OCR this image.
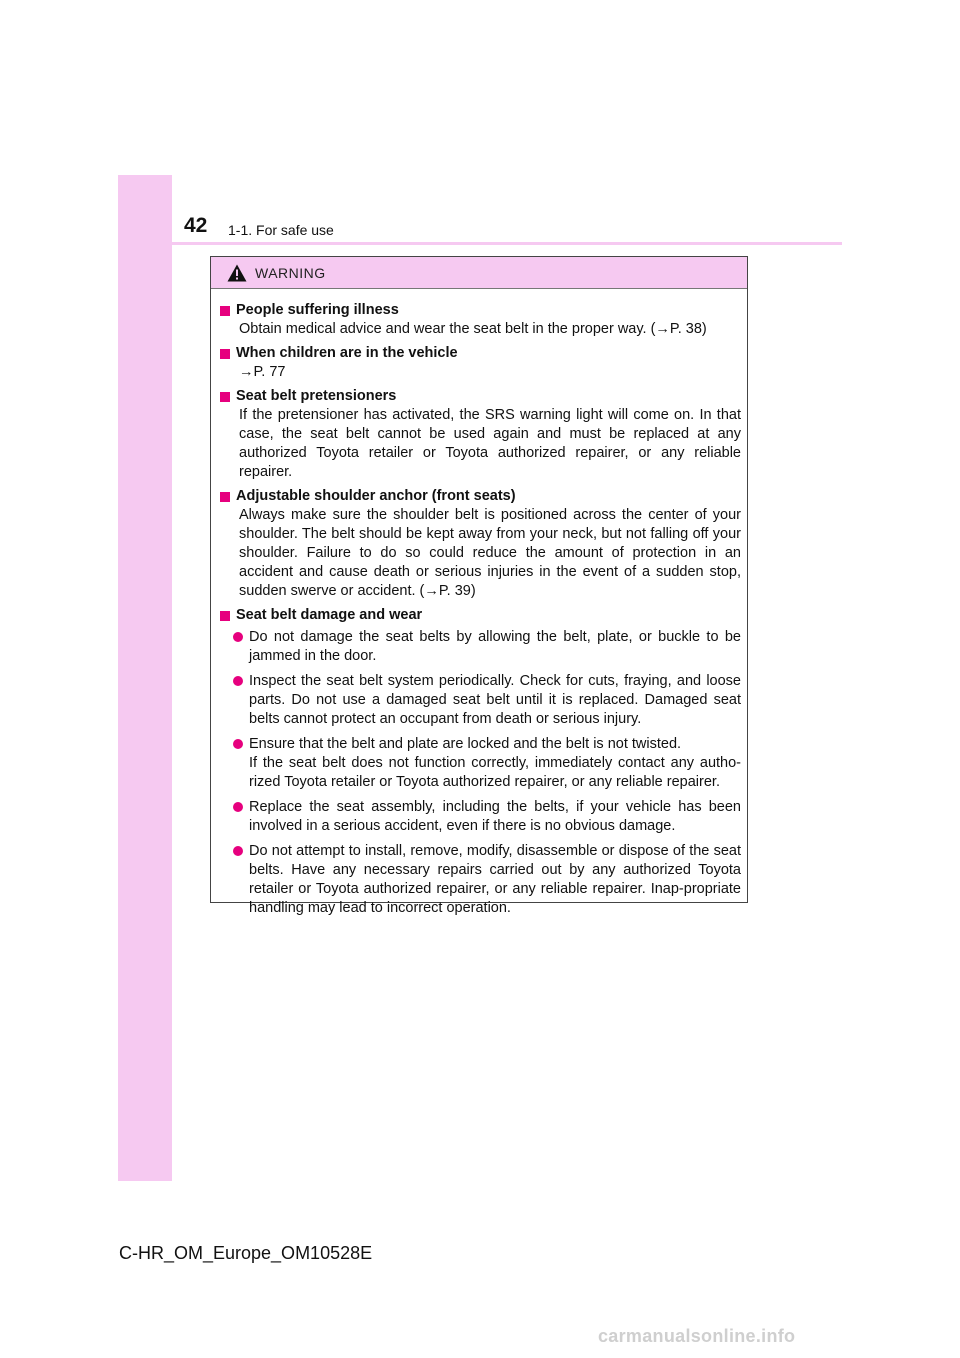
42 1-1. For safe use
WARNING
People suffering illness
Obtain medical advice and wear the seat belt in the proper way. (→P. 38)
When children are in the vehicle
→P. 77
Seat belt pretensioners
If the pretensioner has activated, the SRS warning light will come on. In that case, the seat belt cannot be used again and must be replaced at any authorized Toyota retailer or Toyota authorized repairer, or any reliable repairer.
Adjustable shoulder anchor (front seats)
Always make sure the shoulder belt is positioned across the center of your shoulder. The belt should be kept away from your neck, but not falling off your shoulder. Failure to do so could reduce the amount of protection in an accident and cause death or serious injuries in the event of a sudden stop, sudden swerve or accident. (→P. 39)
Seat belt damage and wear
Do not damage the seat belts by allowing the belt, plate, or buckle to be jammed in the door.
Inspect the seat belt system periodically. Check for cuts, fraying, and loose parts. Do not use a damaged seat belt until it is replaced. Damaged seat belts cannot protect an occupant from death or serious injury.
Ensure that the belt and plate are locked and the belt is not twisted.
If the seat belt does not function correctly, immediately contact any autho-rized Toyota retailer or Toyota authorized repairer, or any reliable repairer.
Replace the seat assembly, including the belts, if your vehicle has been involved in a serious accident, even if there is no obvious damage.
Do not attempt to install, remove, modify, disassemble or dispose of the seat belts. Have any necessary repairs carried out by any authorized Toyota retailer or Toyota authorized repairer, or any reliable repairer. Inap-propriate handling may lead to incorrect operation.
C-HR_OM_Europe_OM10528E
carmanualsonline.info
